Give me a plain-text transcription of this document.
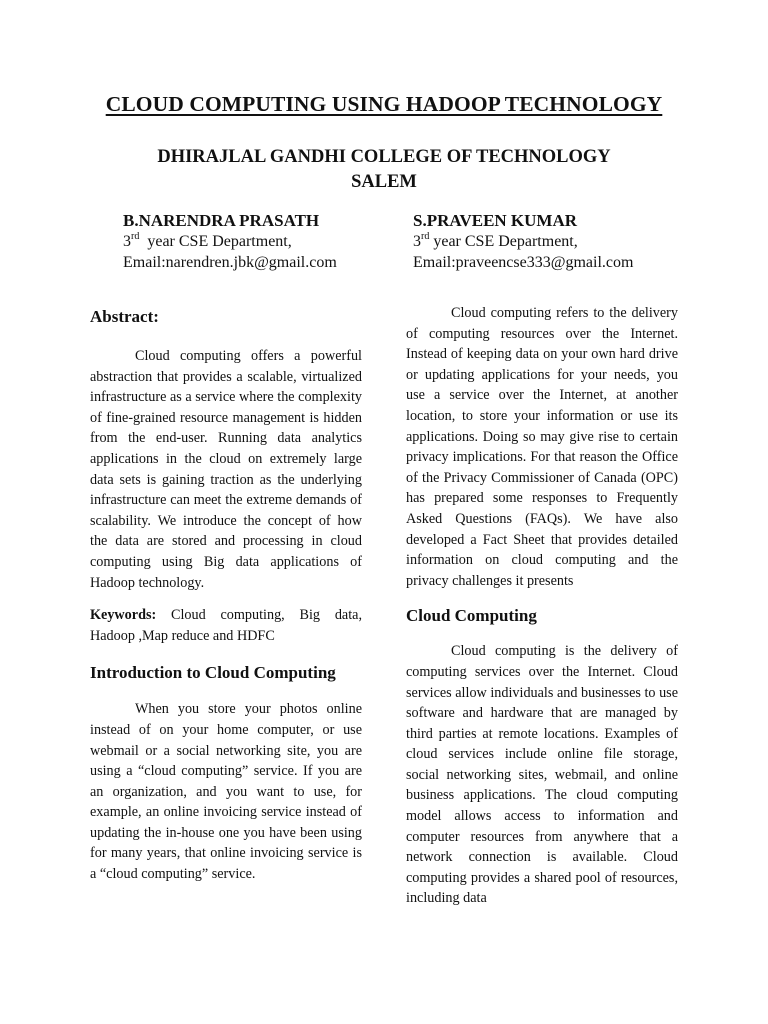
CLOUD COMPUTING USING HADOOP TECHNOLOGY
DHIRAJLAL GANDHI COLLEGE OF TECHNOLOGY
SALEM
B.NARENDRA PRASATH
3rd year CSE Department,
Email:narendren.jbk@gmail.com
S.PRAVEEN KUMAR
3rd year CSE Department,
Email:praveencse333@gmail.com
Abstract:

Cloud computing offers a powerful abstraction that provides a scalable, virtualized infrastructure as a service where the complexity of fine-grained resource management is hidden from the end-user. Running data analytics applications in the cloud on extremely large data sets is gaining traction as the underlying infrastructure can meet the extreme demands of scalability. We introduce the concept of how the data are stored and processing in cloud computing using Big data applications of Hadoop technology.

Keywords: Cloud computing, Big data, Hadoop ,Map reduce and HDFC

Introduction to Cloud Computing

When you store your photos online instead of on your home computer, or use webmail or a social networking site, you are using a “cloud computing” service. If you are an organization, and you want to use, for example, an online invoicing service instead of updating the in-house one you have been using for many years, that online invoicing service is a “cloud computing” service.

Cloud computing refers to the delivery of computing resources over the Internet. Instead of keeping data on your own hard drive or updating applications for your needs, you use a service over the Internet, at another location, to store your information or use its applications. Doing so may give rise to certain privacy implications. For that reason the Office of the Privacy Commissioner of Canada (OPC) has prepared some responses to Frequently Asked Questions (FAQs). We have also developed a Fact Sheet that provides detailed information on cloud computing and the privacy challenges it presents

Cloud Computing

Cloud computing is the delivery of computing services over the Internet. Cloud services allow individuals and businesses to use software and hardware that are managed by third parties at remote locations. Examples of cloud services include online file storage, social networking sites, webmail, and online business applications. The cloud computing model allows access to information and computer resources from anywhere that a network connection is available. Cloud computing provides a shared pool of resources, including data
